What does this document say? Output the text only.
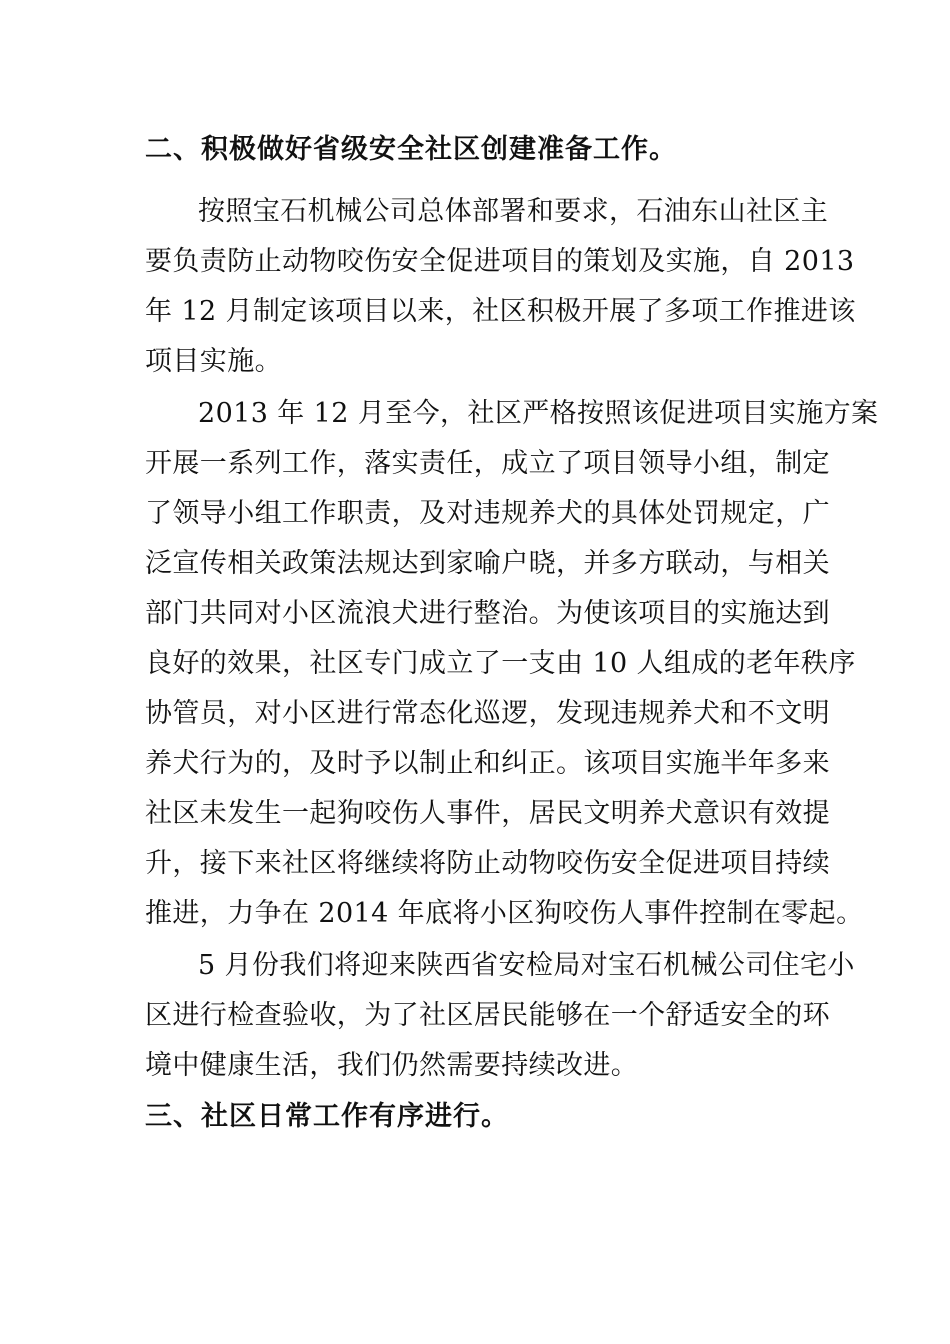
二、积极做好省级安全社区创建准备工作。
按照宝石机械公司总体部署和要求，石油东山社区主
要负责防止动物咬伤安全促进项目的策划及实施，自 2013
年 12 月制定该项目以来，社区积极开展了多项工作推进该
项目实施。
2013 年 12 月至今，社区严格按照该促进项目实施方案
开展一系列工作，落实责任，成立了项目领导小组，制定
了领导小组工作职责，及对违规养犬的具体处罚规定，广
泛宣传相关政策法规达到家喻户晓，并多方联动，与相关
部门共同对小区流浪犬进行整治。为使该项目的实施达到
良好的效果，社区专门成立了一支由 10 人组成的老年秩序
协管员，对小区进行常态化巡逻，发现违规养犬和不文明
养犬行为的，及时予以制止和纠正。该项目实施半年多来
社区未发生一起狗咬伤人事件，居民文明养犬意识有效提
升，接下来社区将继续将防止动物咬伤安全促进项目持续
推进，力争在 2014 年底将小区狗咬伤人事件控制在零起。
5 月份我们将迎来陕西省安检局对宝石机械公司住宅小
区进行检查验收，为了社区居民能够在一个舒适安全的环
境中健康生活，我们仍然需要持续改进。
三、社区日常工作有序进行。
